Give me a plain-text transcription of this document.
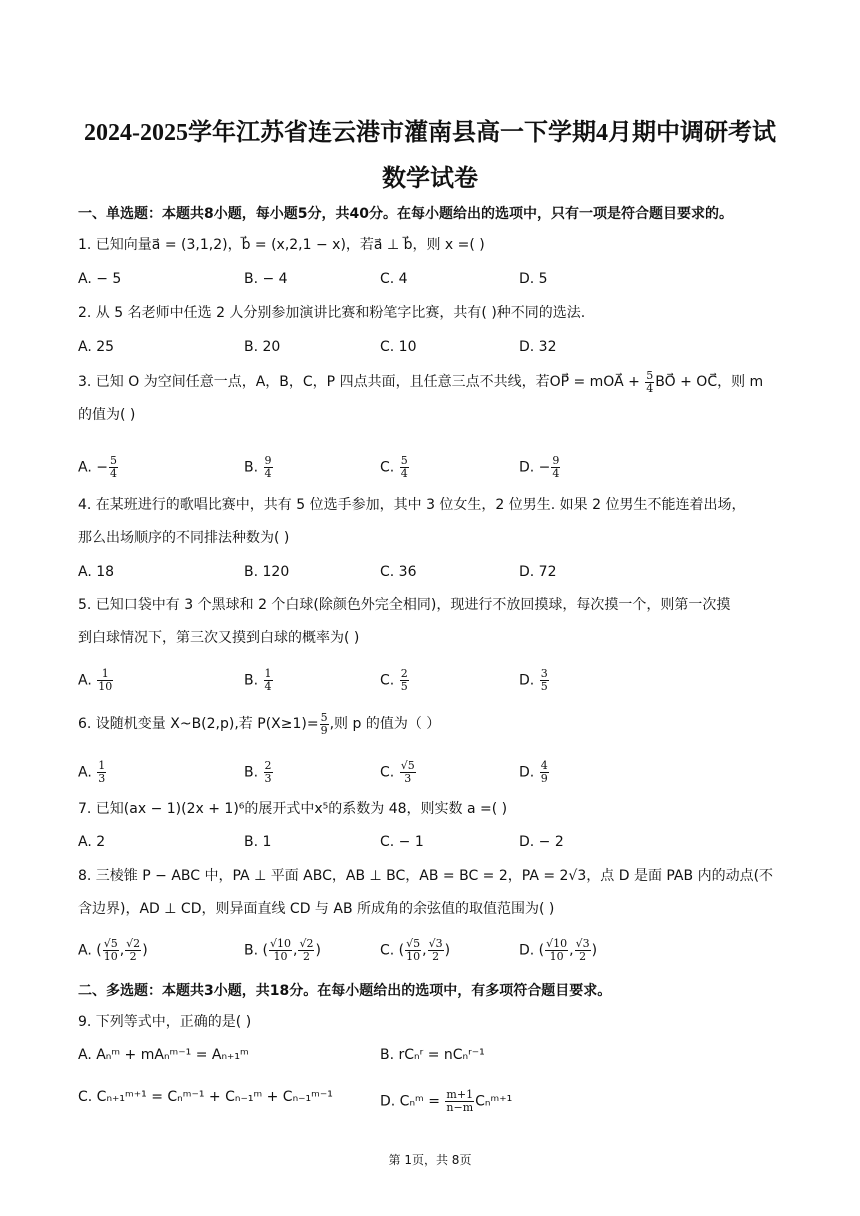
2024-2025学年江苏省连云港市灌南县高一下学期4月期中调研考试
数学试卷
一、单选题：本题共8小题，每小题5分，共40分。在每小题给出的选项中，只有一项是符合题目要求的。
1. 已知向量a⃗ = (3,1,2)，b⃗ = (x,2,1 − x)，若a⃗ ⊥ b⃗，则 x =( )
A. − 5	B. − 4	C. 4	D. 5
2. 从 5 名老师中任选 2 人分别参加演讲比赛和粉笔字比赛，共有( )种不同的选法.
A. 25	B. 20	C. 10	D. 32
3. 已知 O 为空间任意一点，A，B，C，P 四点共面，且任意三点不共线，若OP⃗ = mOA⃗ + $\frac{5}{4}$ BO⃗ + OC⃗，则 m
的值为( )
A. − $\frac{5}{4}$	B. $\frac{9}{4}$	C. $\frac{5}{4}$	D. − $\frac{9}{4}$
4. 在某班进行的歌唱比赛中，共有 5 位选手参加，其中 3 位女生，2 位男生. 如果 2 位男生不能连着出场，
那么出场顺序的不同排法种数为( )
A. 18	B. 120	C. 36	D. 72
5. 已知口袋中有 3 个黑球和 2 个白球(除颜色外完全相同)，现进行不放回摸球，每次摸一个，则第一次摸
到白球情况下，第三次又摸到白球的概率为( )
A. $\frac{1}{10}$	B. $\frac{1}{4}$	C. $\frac{2}{5}$	D. $\frac{3}{5}$
6. 设随机变量 X~B(2,p),若 $P(X\ge 1)= \frac{5}{9}$ ,则 p 的值为（ ）
A. $\frac{1}{3}$	B. $\frac{2}{3}$	C. $\frac{√5}{3}$	D. $\frac{4}{9}$
7. 已知(ax − 1)(2x + 1)⁶的展开式中x⁵的系数为 48，则实数 a =( )
A. 2	B. 1	C. − 1	D. − 2
8. 三棱锥 P − ABC 中，PA ⊥ 平面 ABC，AB ⊥ BC，AB = BC = 2，PA = 2√3，点 D 是面 PAB 内的动点(不
含边界)，AD ⊥ CD，则异面直线 CD 与 AB 所成角的余弦值的取值范围为( )
A. ( $\frac{√5}{10}$ , $\frac{√2}{2}$ )	B. ( $\frac{√10}{10}$ , $\frac{√2}{2}$ )	C. ( $\frac{√5}{10}$ , $\frac{√3}{2}$ )	D. ( $\frac{√10}{10}$ , $\frac{√3}{2}$ )
二、多选题：本题共3小题，共18分。在每小题给出的选项中，有多项符合题目要求。
9. 下列等式中，正确的是( )
A. Aₙᵐ + mAₙᵐ⁻¹ = Aₙ₊₁ᵐ	B. rCₙʳ = nCₙʳ⁻¹
C. Cₙ₊₁ᵐ⁺¹ = Cₙᵐ⁻¹ + Cₙ₋₁ᵐ + Cₙ₋₁ᵐ⁻¹	D. Cₙᵐ = $\frac{m+1}{n-m}$ Cₙᵐ⁺¹
第 1页，共 8页
